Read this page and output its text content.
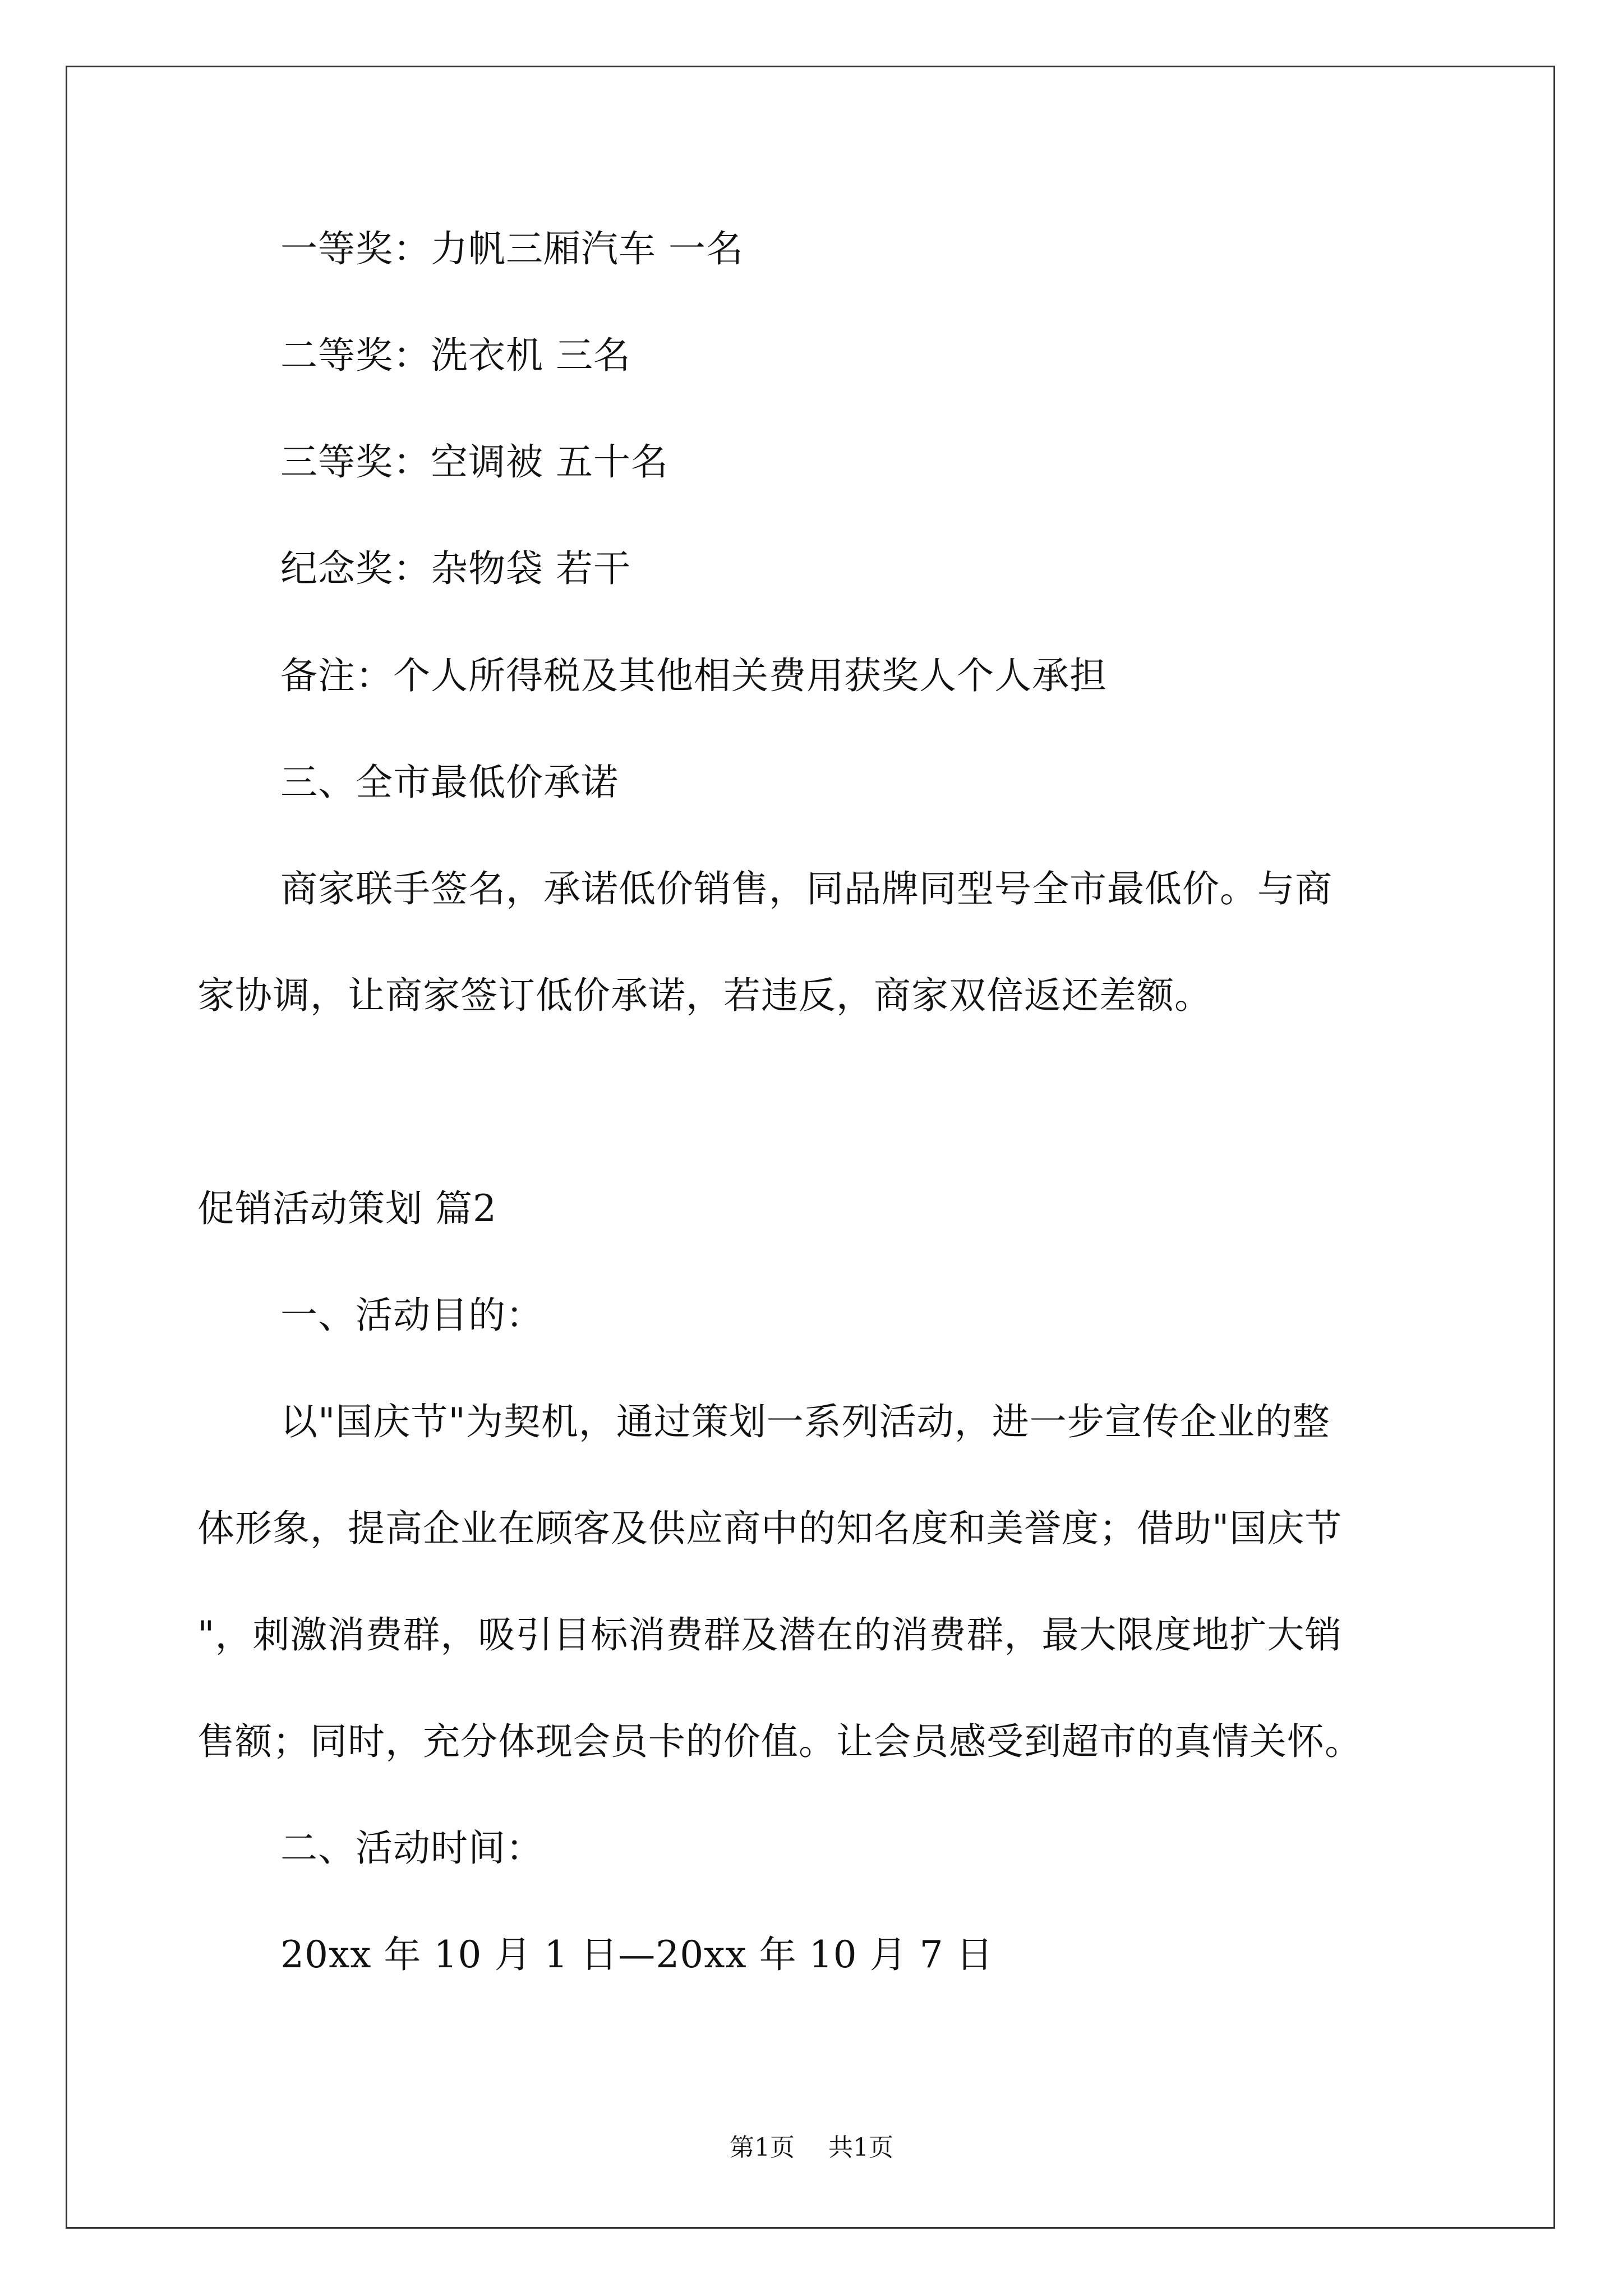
一等奖：力帆三厢汽车 一名
二等奖：洗衣机 三名
三等奖：空调被 五十名
纪念奖：杂物袋 若干
备注：个人所得税及其他相关费用获奖人个人承担
三、全市最低价承诺
商家联手签名，承诺低价销售，同品牌同型号全市最低价。与商
家协调，让商家签订低价承诺，若违反，商家双倍返还差额。
促销活动策划 篇2
一、活动目的：
以"国庆节"为契机，通过策划一系列活动，进一步宣传企业的整
体形象，提高企业在顾客及供应商中的知名度和美誉度；借助"国庆节
"，刺激消费群，吸引目标消费群及潜在的消费群，最大限度地扩大销
售额；同时，充分体现会员卡的价值。让会员感受到超市的真情关怀。
二、活动时间：
20xx 年 10 月 1 日—20xx 年 10 月 7 日
第1页 共1页
